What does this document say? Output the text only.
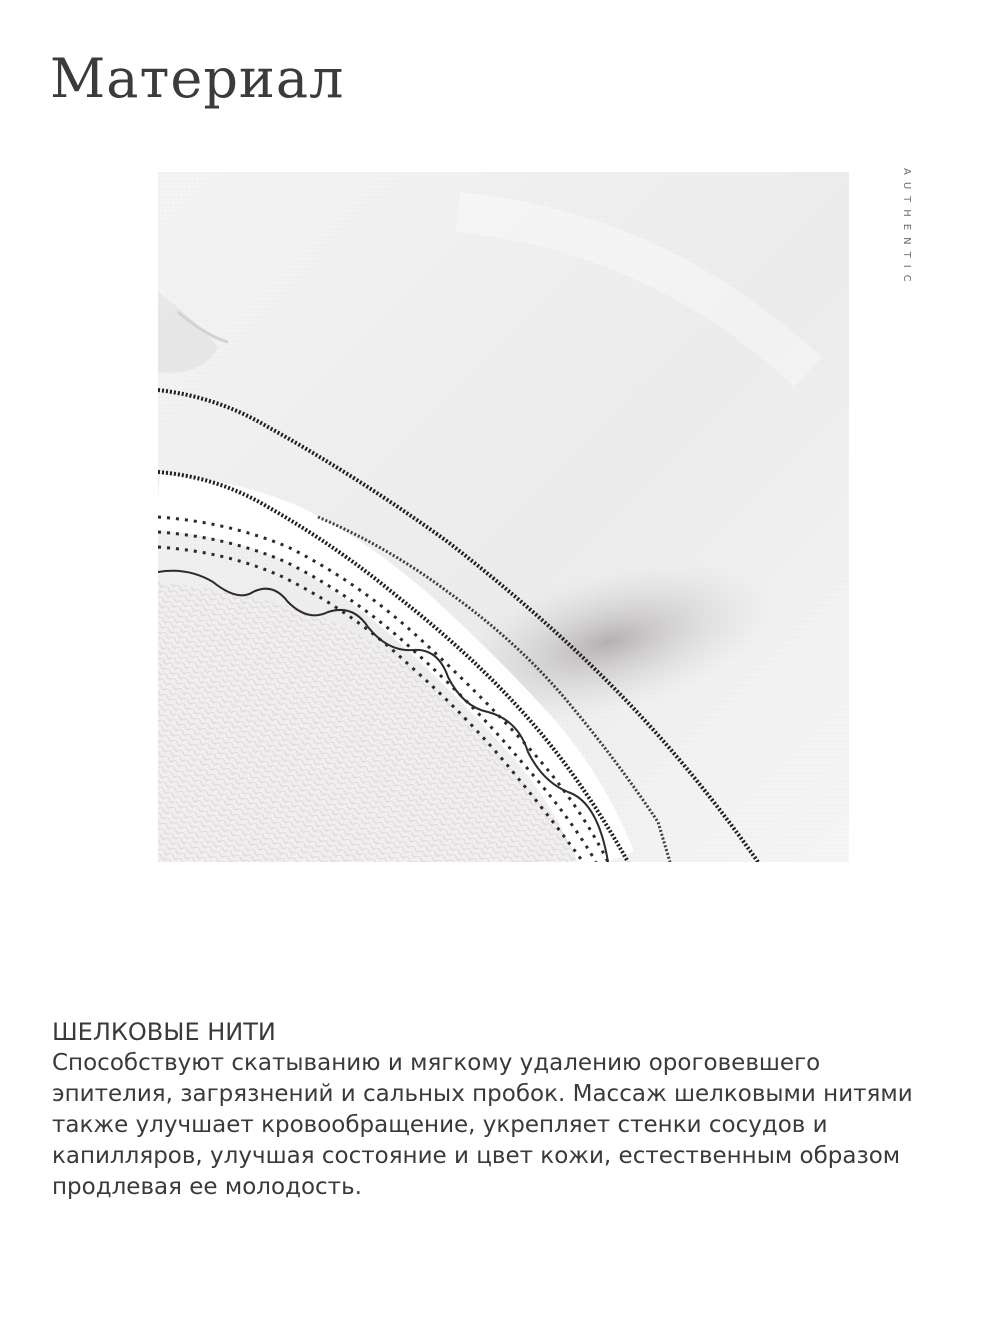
Материал
AUTHENTIC
ШЕЛКОВЫЕ НИТИ

Способствуют скатыванию и мягкому удалению ороговевшего эпителия, загрязнений и сальных пробок. Массаж шелковыми нитями также улучшает кровообращение, укрепляет стенки сосудов и капилляров, улучшая состояние и цвет кожи, естественным образом продлевая ее молодость.
